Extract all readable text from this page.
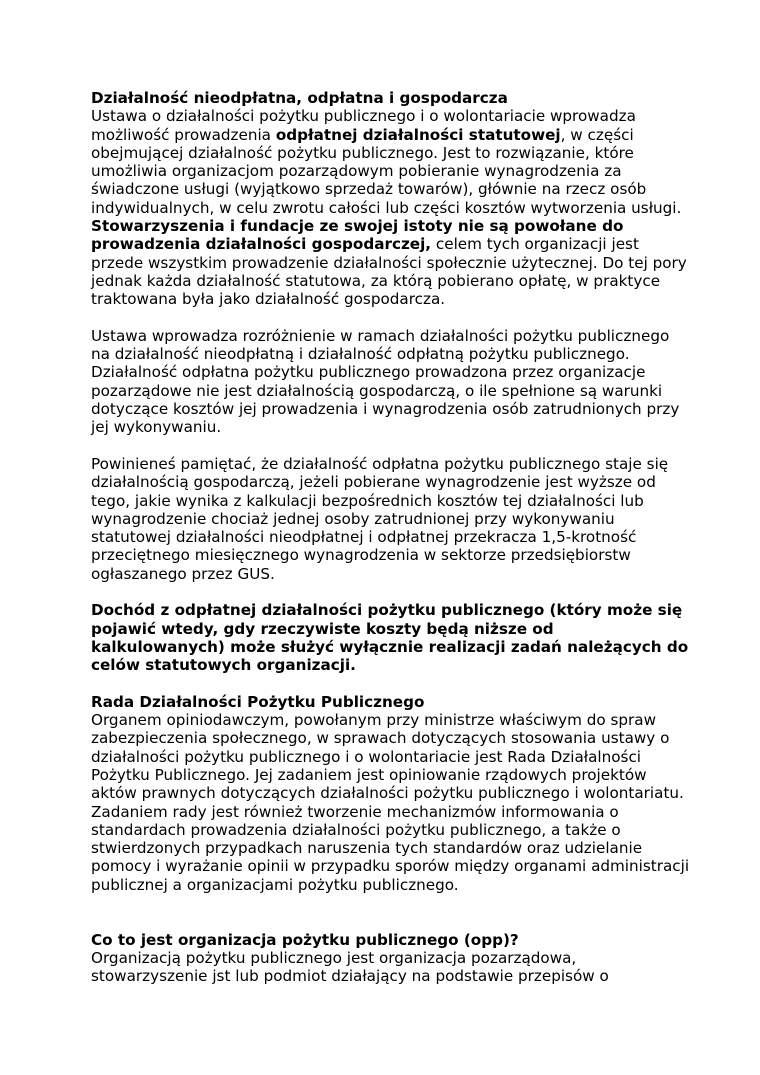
Działalność nieodpłatna, odpłatna i gospodarcza

Ustawa o działalności pożytku publicznego i o wolontariacie wprowadza możliwość prowadzenia odpłatnej działalności statutowej, w części obejmującej działalność pożytku publicznego. Jest to rozwiązanie, które umożliwia organizacjom pozarządowym pobieranie wynagrodzenia za świadczone usługi (wyjątkowo sprzedaż towarów), głównie na rzecz osób indywidualnych, w celu zwrotu całości lub części kosztów wytworzenia usługi. Stowarzyszenia i fundacje ze swojej istoty nie są powołane do prowadzenia działalności gospodarczej, celem tych organizacji jest przede wszystkim prowadzenie działalności społecznie użytecznej. Do tej pory jednak każda działalność statutowa, za którą pobierano opłatę, w praktyce traktowana była jako działalność gospodarcza.

Ustawa wprowadza rozróżnienie w ramach działalności pożytku publicznego na działalność nieodpłatną i działalność odpłatną pożytku publicznego. Działalność odpłatna pożytku publicznego prowadzona przez organizacje pozarządowe nie jest działalnością gospodarczą, o ile spełnione są warunki dotyczące kosztów jej prowadzenia i wynagrodzenia osób zatrudnionych przy jej wykonywaniu.

Powinieneś pamiętać, że działalność odpłatna pożytku publicznego staje się działalnością gospodarczą, jeżeli pobierane wynagrodzenie jest wyższe od tego, jakie wynika z kalkulacji bezpośrednich kosztów tej działalności lub wynagrodzenie chociaż jednej osoby zatrudnionej przy wykonywaniu statutowej działalności nieodpłatnej i odpłatnej przekracza 1,5-krotność przeciętnego miesięcznego wynagrodzenia w sektorze przedsiębiorstw ogłaszanego przez GUS.

Dochód z odpłatnej działalności pożytku publicznego (który może się pojawić wtedy, gdy rzeczywiste koszty będą niższe od kalkulowanych) może służyć wyłącznie realizacji zadań należących do celów statutowych organizacji.

Rada Działalności Pożytku Publicznego

Organem opiniodawczym, powołanym przy ministrze właściwym do spraw zabezpieczenia społecznego, w sprawach dotyczących stosowania ustawy o działalności pożytku publicznego i o wolontariacie jest Rada Działalności Pożytku Publicznego. Jej zadaniem jest opiniowanie rządowych projektów aktów prawnych dotyczących działalności pożytku publicznego i wolontariatu. Zadaniem rady jest również tworzenie mechanizmów informowania o standardach prowadzenia działalności pożytku publicznego, a także o stwierdzonych przypadkach naruszenia tych standardów oraz udzielanie pomocy i wyrażanie opinii w przypadku sporów między organami administracji publicznej a organizacjami pożytku publicznego.

Co to jest organizacja pożytku publicznego (opp)?

Organizacją pożytku publicznego jest organizacja pozarządowa, stowarzyszenie jst lub podmiot działający na podstawie przepisów o
